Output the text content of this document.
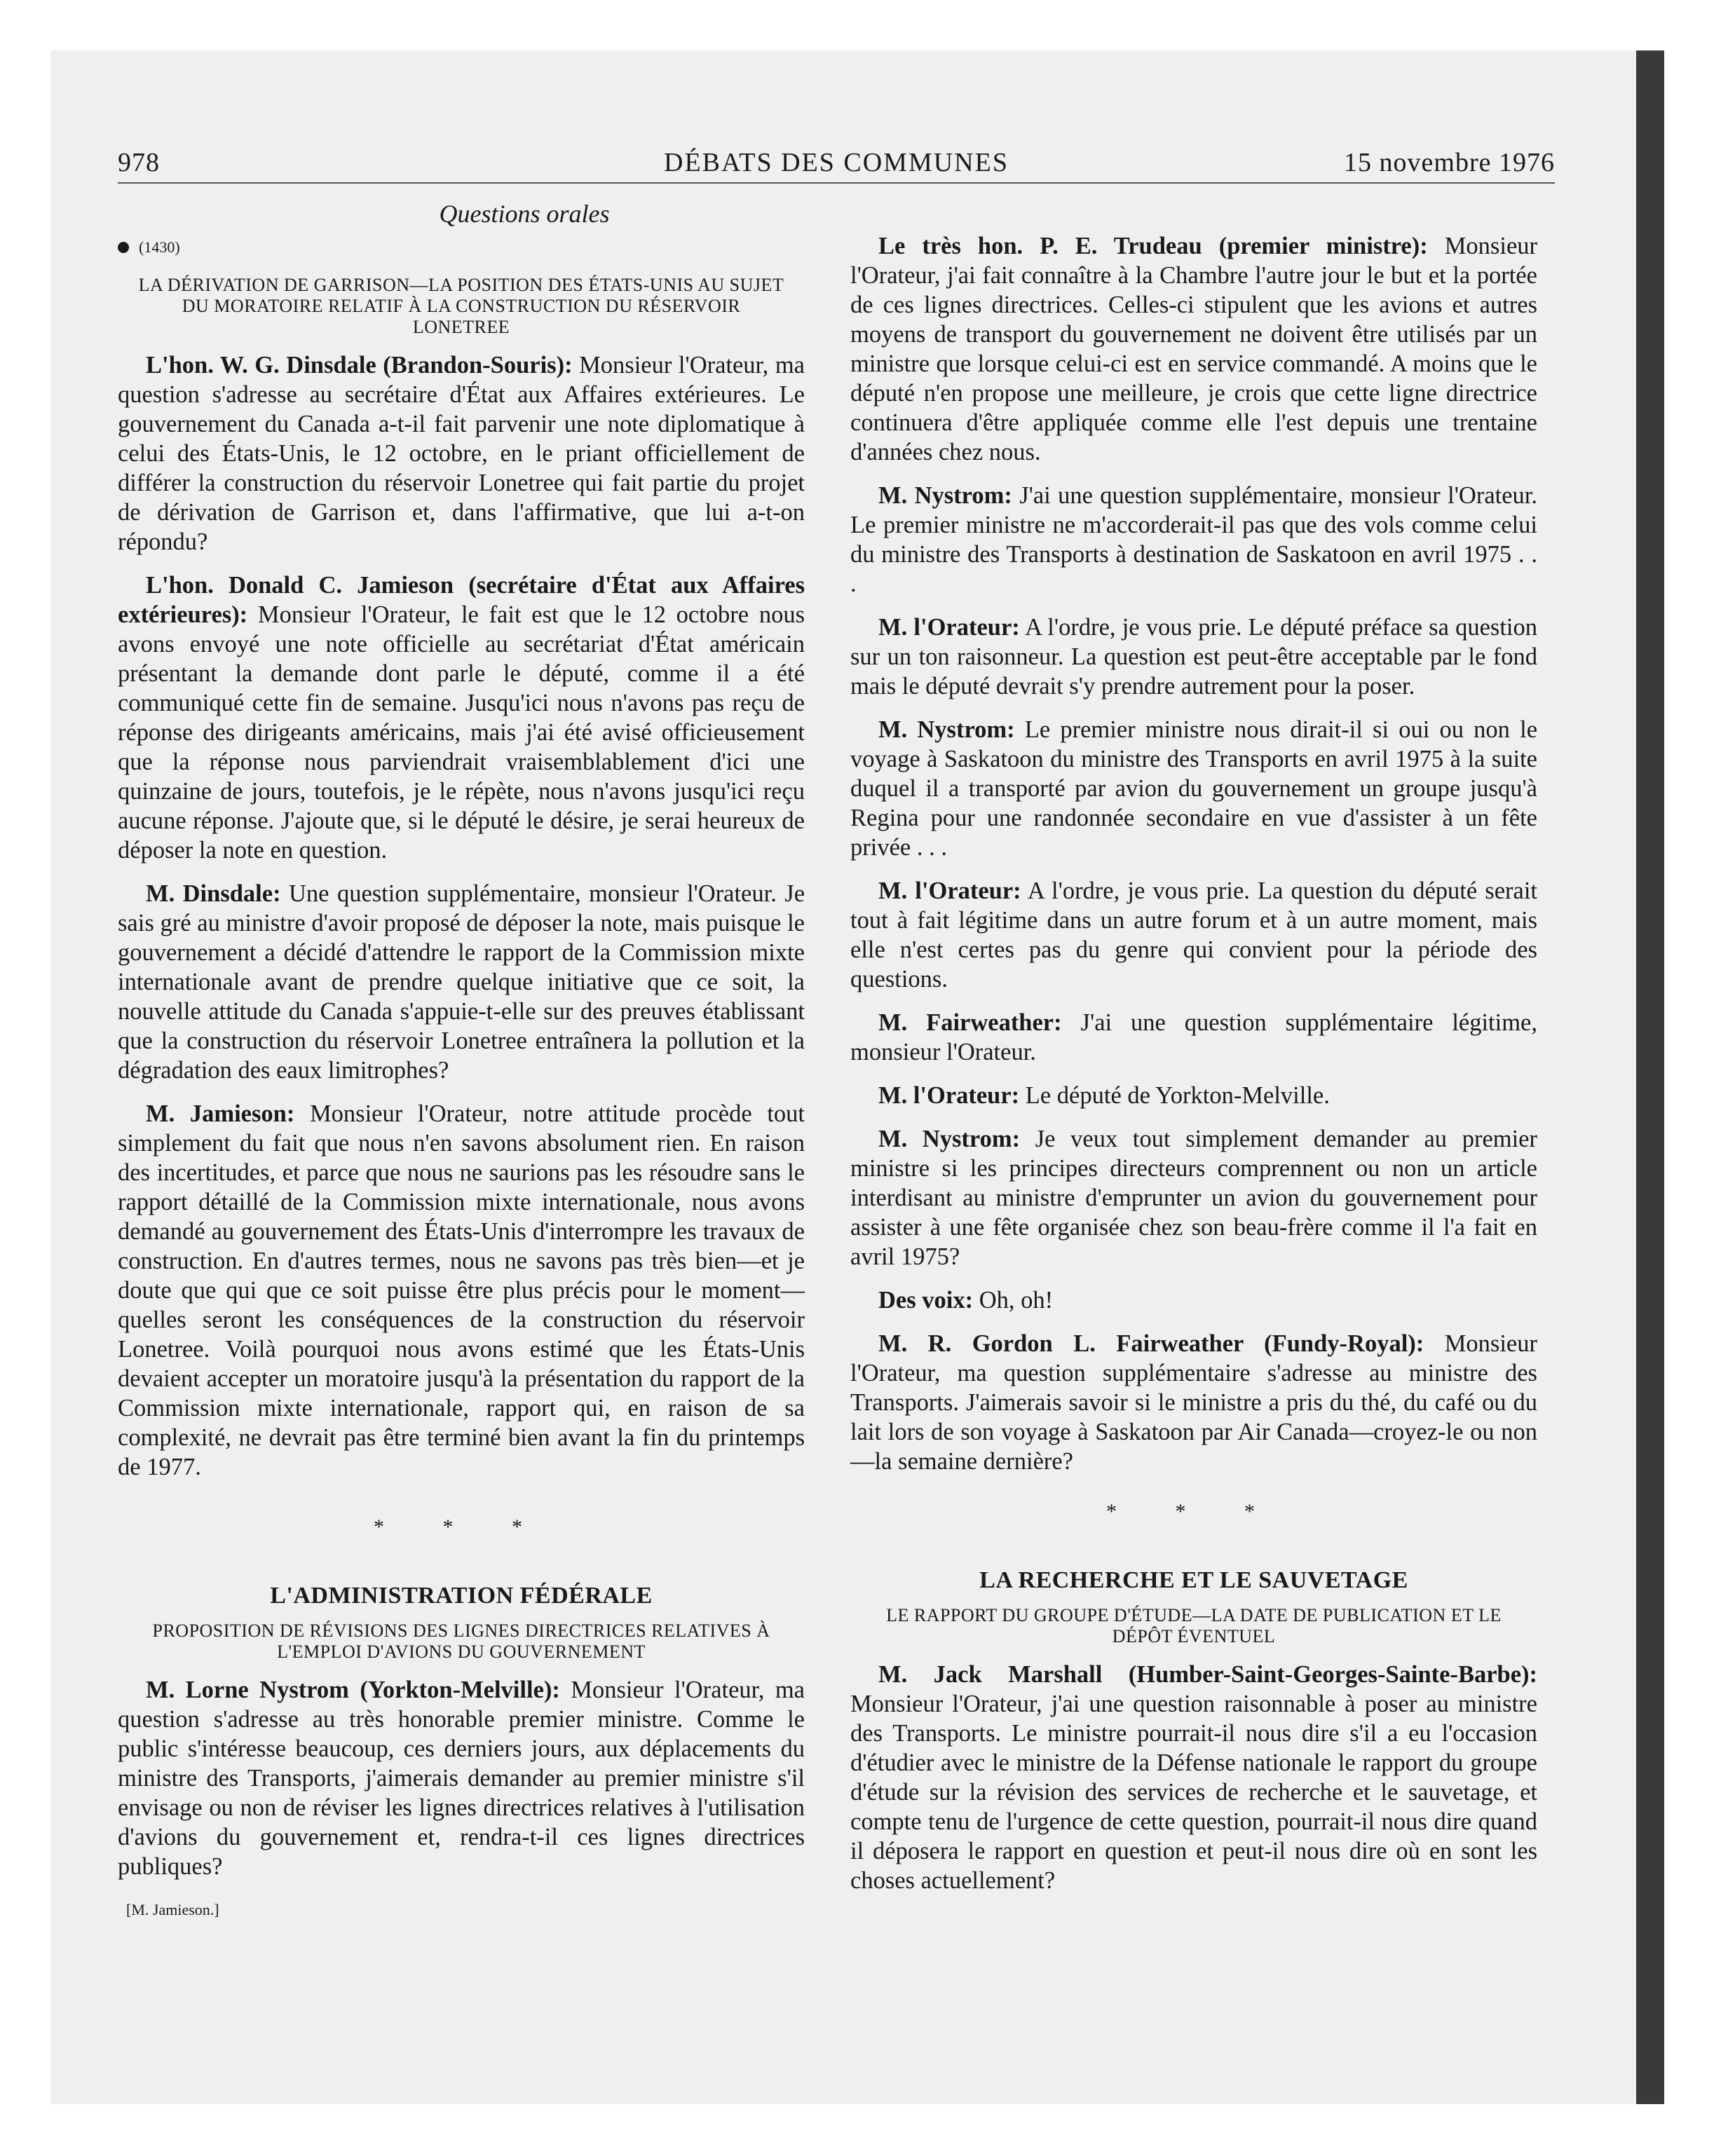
978	DÉBATS DES COMMUNES	15 novembre 1976
Questions orales
(1430)
LA DÉRIVATION DE GARRISON—LA POSITION DES ÉTATS-UNIS AU SUJET DU MORATOIRE RELATIF À LA CONSTRUCTION DU RÉSERVOIR LONETREE

L'hon. W. G. Dinsdale (Brandon-Souris): Monsieur l'Orateur, ma question s'adresse au secrétaire d'État aux Affaires extérieures. Le gouvernement du Canada a-t-il fait parvenir une note diplomatique à celui des États-Unis, le 12 octobre, en le priant officiellement de différer la construction du réservoir Lonetree qui fait partie du projet de dérivation de Garrison et, dans l'affirmative, que lui a-t-on répondu?

L'hon. Donald C. Jamieson (secrétaire d'État aux Affaires extérieures): Monsieur l'Orateur, le fait est que le 12 octobre nous avons envoyé une note officielle au secrétariat d'État américain présentant la demande dont parle le député, comme il a été communiqué cette fin de semaine. Jusqu'ici nous n'avons pas reçu de réponse des dirigeants américains, mais j'ai été avisé officieusement que la réponse nous parviendrait vraisemblablement d'ici une quinzaine de jours, toutefois, je le répète, nous n'avons jusqu'ici reçu aucune réponse. J'ajoute que, si le député le désire, je serai heureux de déposer la note en question.

M. Dinsdale: Une question supplémentaire, monsieur l'Orateur. Je sais gré au ministre d'avoir proposé de déposer la note, mais puisque le gouvernement a décidé d'attendre le rapport de la Commission mixte internationale avant de prendre quelque initiative que ce soit, la nouvelle attitude du Canada s'appuie-t-elle sur des preuves établissant que la construction du réservoir Lonetree entraînera la pollution et la dégradation des eaux limitrophes?

M. Jamieson: Monsieur l'Orateur, notre attitude procède tout simplement du fait que nous n'en savons absolument rien. En raison des incertitudes, et parce que nous ne saurions pas les résoudre sans le rapport détaillé de la Commission mixte internationale, nous avons demandé au gouvernement des États-Unis d'interrompre les travaux de construction. En d'autres termes, nous ne savons pas très bien—et je doute que qui que ce soit puisse être plus précis pour le moment—quelles seront les conséquences de la construction du réservoir Lonetree. Voilà pourquoi nous avons estimé que les États-Unis devaient accepter un moratoire jusqu'à la présentation du rapport de la Commission mixte internationale, rapport qui, en raison de sa complexité, ne devrait pas être terminé bien avant la fin du printemps de 1977.

* * *
L'ADMINISTRATION FÉDÉRALE
PROPOSITION DE RÉVISIONS DES LIGNES DIRECTRICES RELATIVES À L'EMPLOI D'AVIONS DU GOUVERNEMENT

M. Lorne Nystrom (Yorkton-Melville): Monsieur l'Orateur, ma question s'adresse au très honorable premier ministre. Comme le public s'intéresse beaucoup, ces derniers jours, aux déplacements du ministre des Transports, j'aimerais demander au premier ministre s'il envisage ou non de réviser les lignes directrices relatives à l'utilisation d'avions du gouvernement et, rendra-t-il ces lignes directrices publiques?

[M. Jamieson.]

Le très hon. P. E. Trudeau (premier ministre): Monsieur l'Orateur, j'ai fait connaître à la Chambre l'autre jour le but et la portée de ces lignes directrices. Celles-ci stipulent que les avions et autres moyens de transport du gouvernement ne doivent être utilisés par un ministre que lorsque celui-ci est en service commandé. A moins que le député n'en propose une meilleure, je crois que cette ligne directrice continuera d'être appliquée comme elle l'est depuis une trentaine d'années chez nous.

M. Nystrom: J'ai une question supplémentaire, monsieur l'Orateur. Le premier ministre ne m'accorderait-il pas que des vols comme celui du ministre des Transports à destination de Saskatoon en avril 1975 . . .

M. l'Orateur: A l'ordre, je vous prie. Le député préface sa question sur un ton raisonneur. La question est peut-être acceptable par le fond mais le député devrait s'y prendre autrement pour la poser.

M. Nystrom: Le premier ministre nous dirait-il si oui ou non le voyage à Saskatoon du ministre des Transports en avril 1975 à la suite duquel il a transporté par avion du gouvernement un groupe jusqu'à Regina pour une randonnée secondaire en vue d'assister à un fête privée . . .

M. l'Orateur: A l'ordre, je vous prie. La question du député serait tout à fait légitime dans un autre forum et à un autre moment, mais elle n'est certes pas du genre qui convient pour la période des questions.

M. Fairweather: J'ai une question supplémentaire légitime, monsieur l'Orateur.

M. l'Orateur: Le député de Yorkton-Melville.

M. Nystrom: Je veux tout simplement demander au premier ministre si les principes directeurs comprennent ou non un article interdisant au ministre d'emprunter un avion du gouvernement pour assister à une fête organisée chez son beau-frère comme il l'a fait en avril 1975?

Des voix: Oh, oh!

M. R. Gordon L. Fairweather (Fundy-Royal): Monsieur l'Orateur, ma question supplémentaire s'adresse au ministre des Transports. J'aimerais savoir si le ministre a pris du thé, du café ou du lait lors de son voyage à Saskatoon par Air Canada—croyez-le ou non—la semaine dernière?

* * *
LA RECHERCHE ET LE SAUVETAGE
LE RAPPORT DU GROUPE D'ÉTUDE—LA DATE DE PUBLICATION ET LE DÉPÔT ÉVENTUEL

M. Jack Marshall (Humber-Saint-Georges-Sainte-Barbe): Monsieur l'Orateur, j'ai une question raisonnable à poser au ministre des Transports. Le ministre pourrait-il nous dire s'il a eu l'occasion d'étudier avec le ministre de la Défense nationale le rapport du groupe d'étude sur la révision des services de recherche et le sauvetage, et compte tenu de l'urgence de cette question, pourrait-il nous dire quand il déposera le rapport en question et peut-il nous dire où en sont les choses actuellement?
